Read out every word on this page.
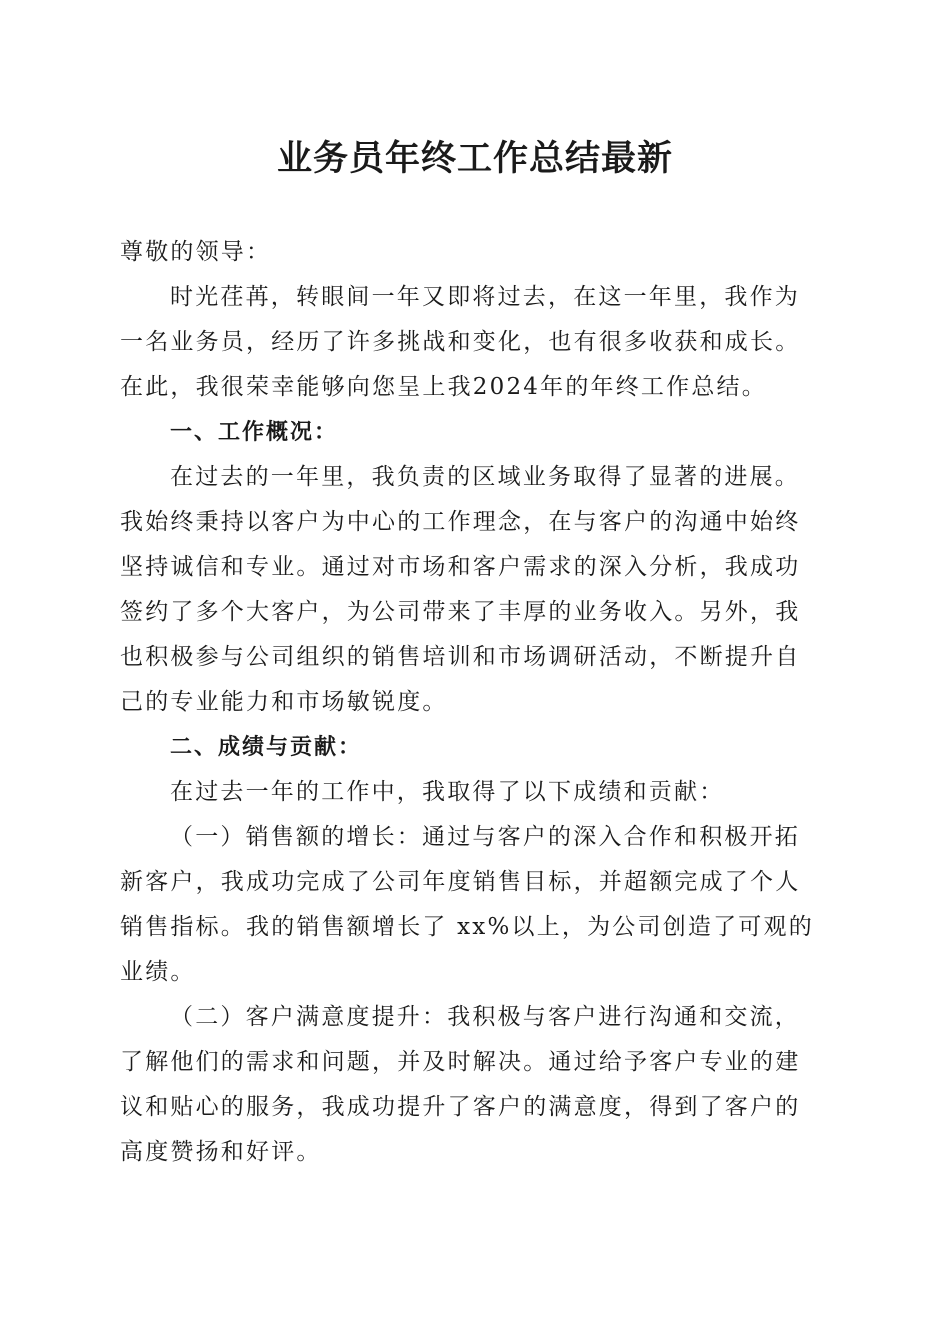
业务员年终工作总结最新
尊敬的领导：
时光荏苒，转眼间一年又即将过去，在这一年里，我作为
一名业务员，经历了许多挑战和变化，也有很多收获和成长。
在此，我很荣幸能够向您呈上我2024年的年终工作总结。
一、工作概况：
在过去的一年里，我负责的区域业务取得了显著的进展。
我始终秉持以客户为中心的工作理念，在与客户的沟通中始终
坚持诚信和专业。通过对市场和客户需求的深入分析，我成功
签约了多个大客户，为公司带来了丰厚的业务收入。另外，我
也积极参与公司组织的销售培训和市场调研活动，不断提升自
己的专业能力和市场敏锐度。
二、成绩与贡献：
在过去一年的工作中，我取得了以下成绩和贡献：
（一）销售额的增长：通过与客户的深入合作和积极开拓
新客户，我成功完成了公司年度销售目标，并超额完成了个人
销售指标。我的销售额增长了 xx%以上，为公司创造了可观的
业绩。
（二）客户满意度提升：我积极与客户进行沟通和交流，
了解他们的需求和问题，并及时解决。通过给予客户专业的建
议和贴心的服务，我成功提升了客户的满意度，得到了客户的
高度赞扬和好评。
